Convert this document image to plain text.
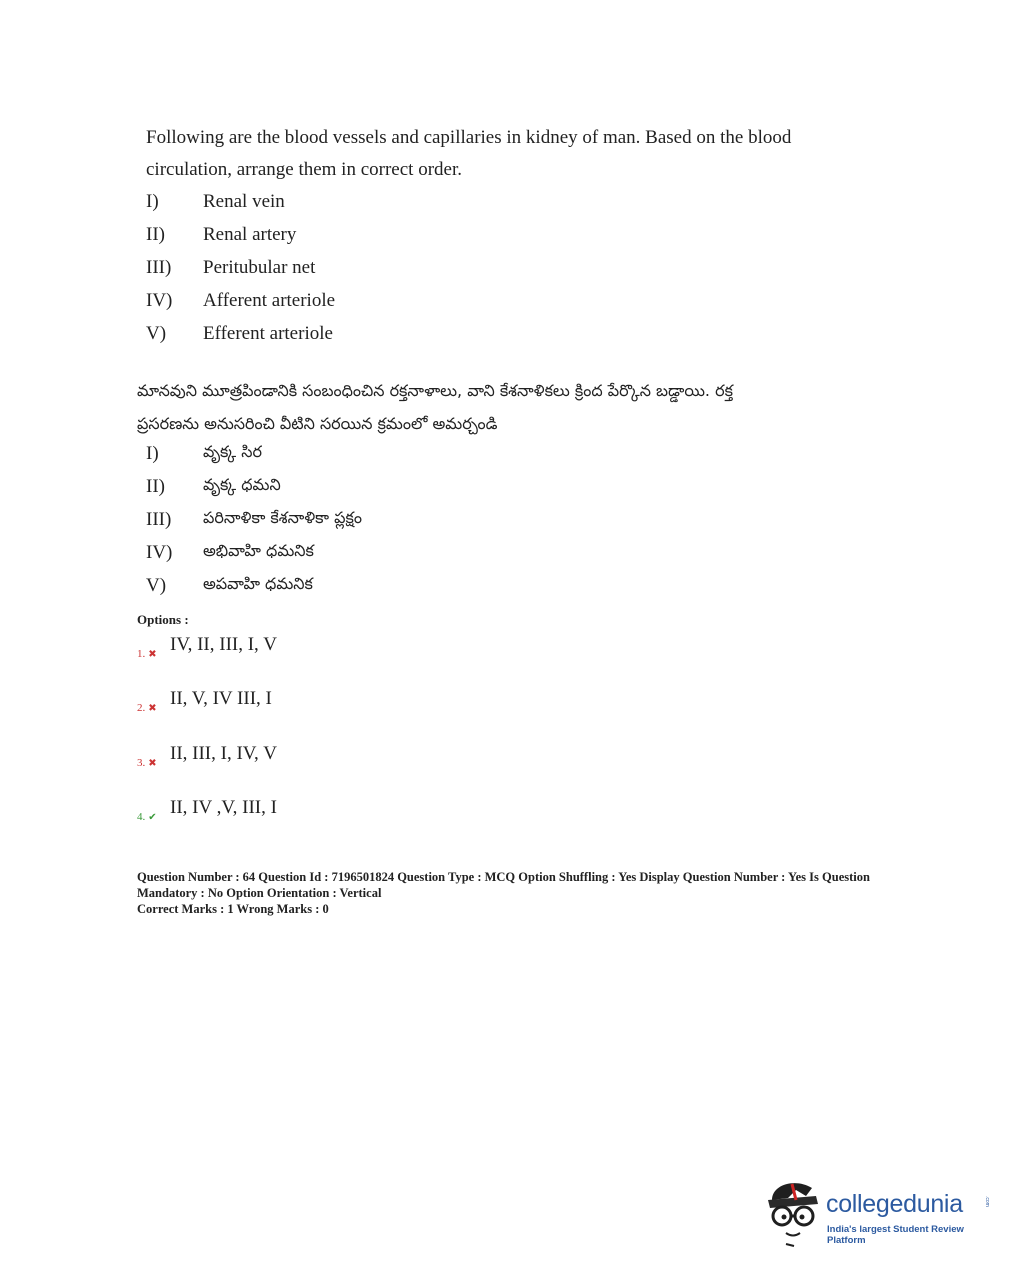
Following are the blood vessels and capillaries in kidney of man. Based on the blood
circulation, arrange them in correct order.
I)	Renal vein
II)	Renal artery
III)	Peritubular net
IV)	Afferent arteriole
V)	Efferent arteriole
మానవుని మూత్రపిండానికి సంబంధించిన రక్తనాళాలు, వాని కేశనాళికలు క్రింద పేర్కొన బడ్డాయి. రక్త
ప్రసరణను అనుసరించి వీటిని సరయిన క్రమంలో అమర్చండి
I)	వృక్క సిర
II)	వృక్క ధమని
III)	పరినాళికా కేశనాళికా ప్లక్షం
IV)	అభివాహి ధమనిక
V)	అపవాహి ధమనిక
Options :
1. ✖ IV, II, III, I, V
2. ✖ II, V, IV III, I
3. ✖ II, III, I, IV, V
4. ✔ II, IV ,V, III, I
Question Number : 64 Question Id : 7196501824 Question Type : MCQ Option Shuffling : Yes Display Question Number : Yes Is Question
Mandatory : No Option Orientation : Vertical
Correct Marks : 1 Wrong Marks : 0
collegedunia	.com
India's largest Student Review Platform
